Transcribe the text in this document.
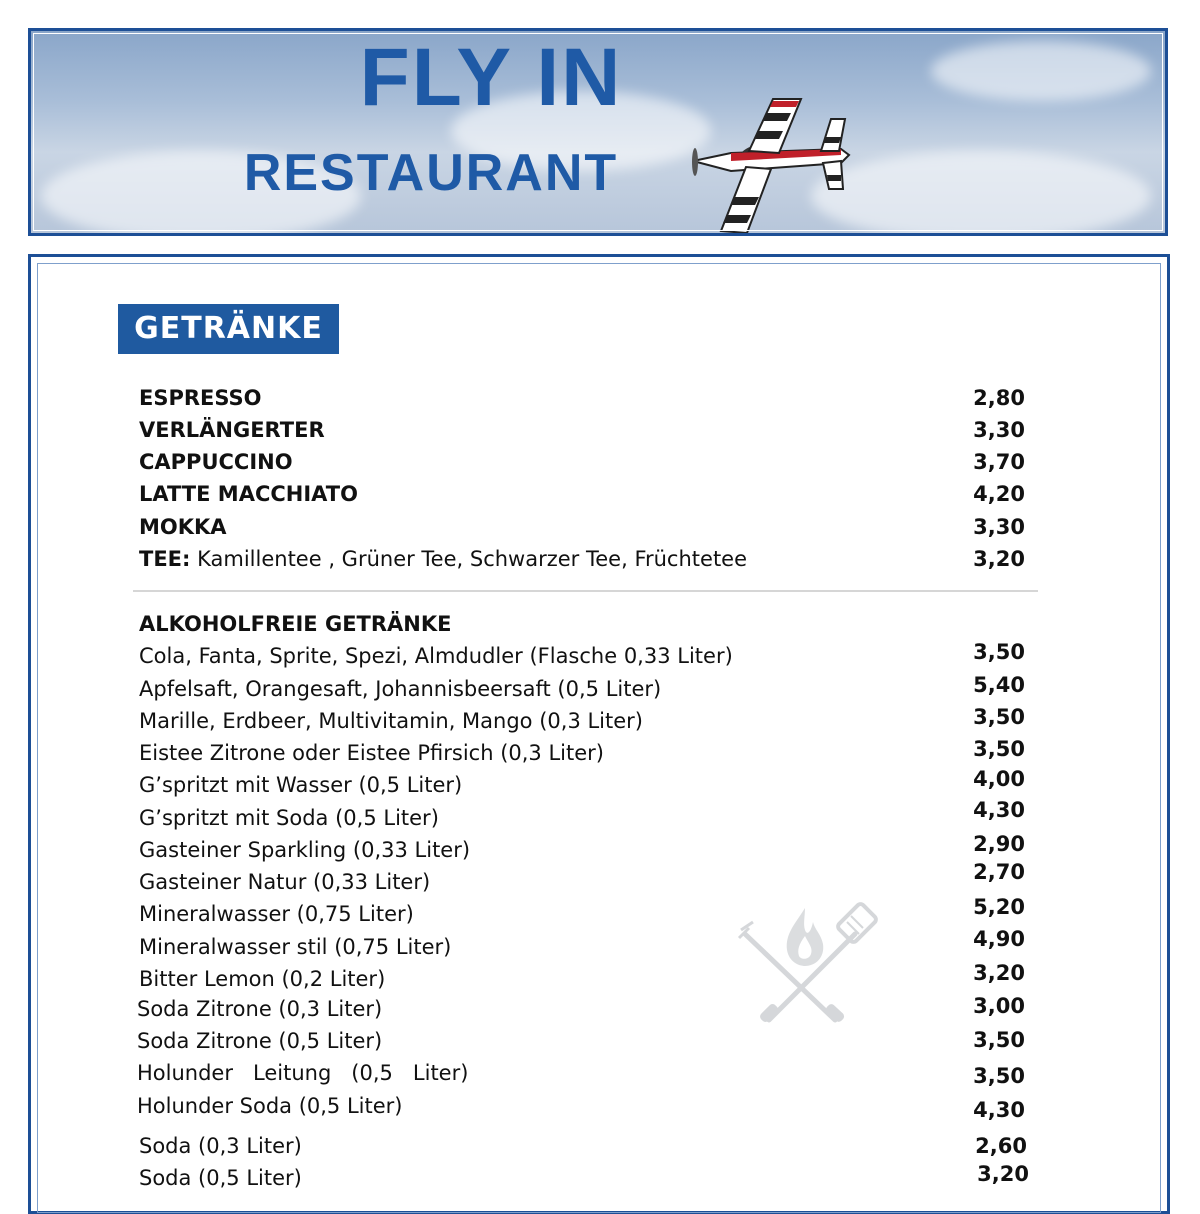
FLY IN
RESTAURANT
GETRÄNKE
ESPRESSO	2,80
VERLÄNGERTER	3,30
CAPPUCCINO	3,70
LATTE MACCHIATO	4,20
MOKKA	3,30
TEE: Kamillentee , Grüner Tee, Schwarzer Tee, Früchtetee	3,20
ALKOHOLFREIE GETRÄNKE
Cola, Fanta, Sprite, Spezi, Almdudler (Flasche 0,33 Liter)	3,50
Apfelsaft, Orangesaft, Johannisbeersaft (0,5 Liter)	5,40
Marille, Erdbeer, Multivitamin, Mango (0,3 Liter)	3,50
Eistee Zitrone oder Eistee Pfirsich (0,3 Liter)	3,50
G’spritzt mit Wasser (0,5 Liter)	4,00
G’spritzt mit Soda (0,5 Liter)	4,30
Gasteiner Sparkling (0,33 Liter)	2,90
Gasteiner Natur (0,33 Liter)	2,70
Mineralwasser (0,75 Liter)	5,20
Mineralwasser stil (0,75 Liter)	4,90
Bitter Lemon (0,2 Liter)	3,20
Soda Zitrone (0,3 Liter)	3,00
Soda Zitrone (0,5 Liter)	3,50
Holunder   Leitung   (0,5   Liter)	3,50
Holunder Soda (0,5 Liter)	4,30
Soda (0,3 Liter)	2,60
Soda (0,5 Liter)	3,20
